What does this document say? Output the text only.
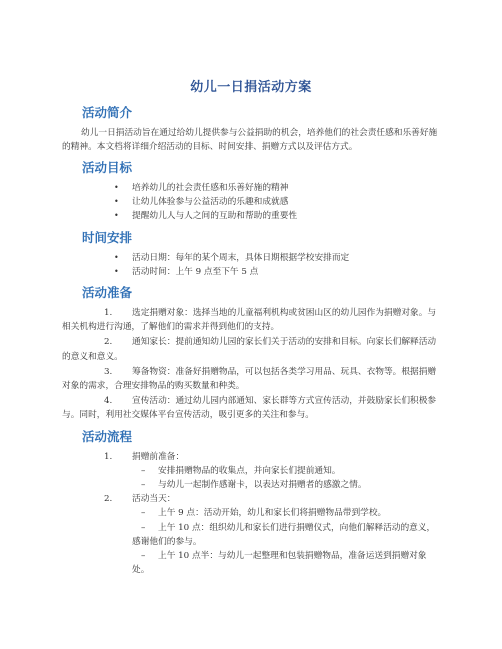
幼儿一日捐活动方案
活动简介

幼儿一日捐活动旨在通过给幼儿提供参与公益捐助的机会，培养他们的社会责任感和乐善好施的精神。本文档将详细介绍活动的目标、时间安排、捐赠方式以及评估方式。

活动目标
• 培养幼儿的社会责任感和乐善好施的精神
• 让幼儿体验参与公益活动的乐趣和成就感
• 提醒幼儿人与人之间的互助和帮助的重要性
时间安排
• 活动日期：每年的某个周末，具体日期根据学校安排而定
• 活动时间：上午 9 点至下午 5 点
活动准备
1.	选定捐赠对象：选择当地的儿童福利机构或贫困山区的幼儿园作为捐赠对象。与相关机构进行沟通，了解他们的需求并得到他们的支持。
2.	通知家长：提前通知幼儿园的家长们关于活动的安排和目标。向家长们解释活动的意义和意义。
3.	筹备物资：准备好捐赠物品，可以包括各类学习用品、玩具、衣物等。根据捐赠对象的需求，合理安排物品的购买数量和种类。
4.	宣传活动：通过幼儿园内部通知、家长群等方式宣传活动，并鼓励家长们积极参与。同时，利用社交媒体平台宣传活动，吸引更多的关注和参与。
活动流程
1.	捐赠前准备：
– 安排捐赠物品的收集点，并向家长们提前通知。
– 与幼儿一起制作感谢卡，以表达对捐赠者的感激之情。
2.	活动当天：
– 上午 9 点：活动开始，幼儿和家长们将捐赠物品带到学校。
–	上午 10 点：组织幼儿和家长们进行捐赠仪式，向他们解释活动的意义，感谢他们的参与。
–	上午 10 点半：与幼儿一起整理和包装捐赠物品，准备运送到捐赠对象处。
